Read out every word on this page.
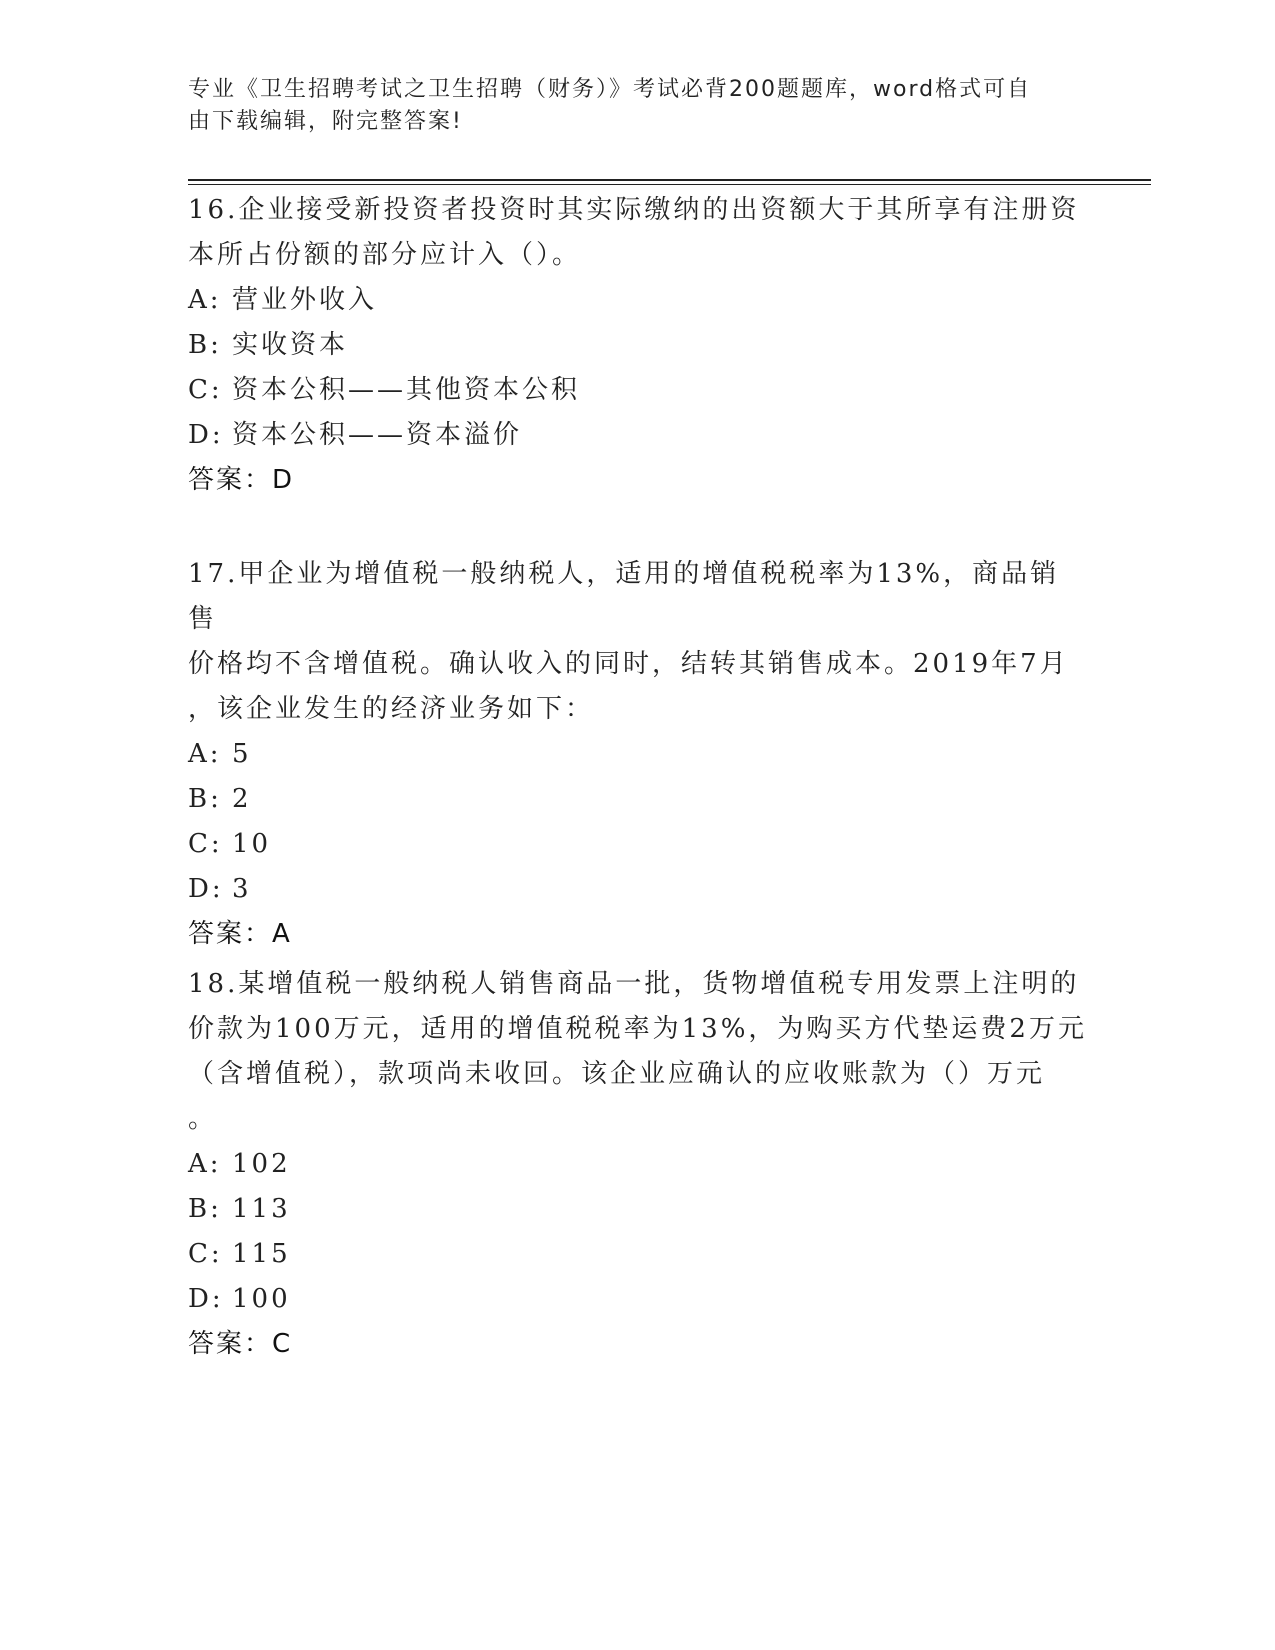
专业《卫生招聘考试之卫生招聘（财务）》考试必背200题题库，word格式可自
由下载编辑，附完整答案!

16.企业接受新投资者投资时其实际缴纳的出资额大于其所享有注册资

本所占份额的部分应计入（）。

A: 营业外收入

B: 实收资本

C: 资本公积——其他资本公积

D: 资本公积——资本溢价

答案：D

17.甲企业为增值税一般纳税人，适用的增值税税率为13%，商品销售

价格均不含增值税。确认收入的同时，结转其销售成本。2019年7月

，该企业发生的经济业务如下：

A: 5

B: 2

C: 10

D: 3

答案：A

18.某增值税一般纳税人销售商品一批，货物增值税专用发票上注明的

价款为100万元，适用的增值税税率为13%，为购买方代垫运费2万元

（含增值税），款项尚未收回。该企业应确认的应收账款为（）万元

。

A: 102

B: 113

C: 115

D: 100

答案：C
